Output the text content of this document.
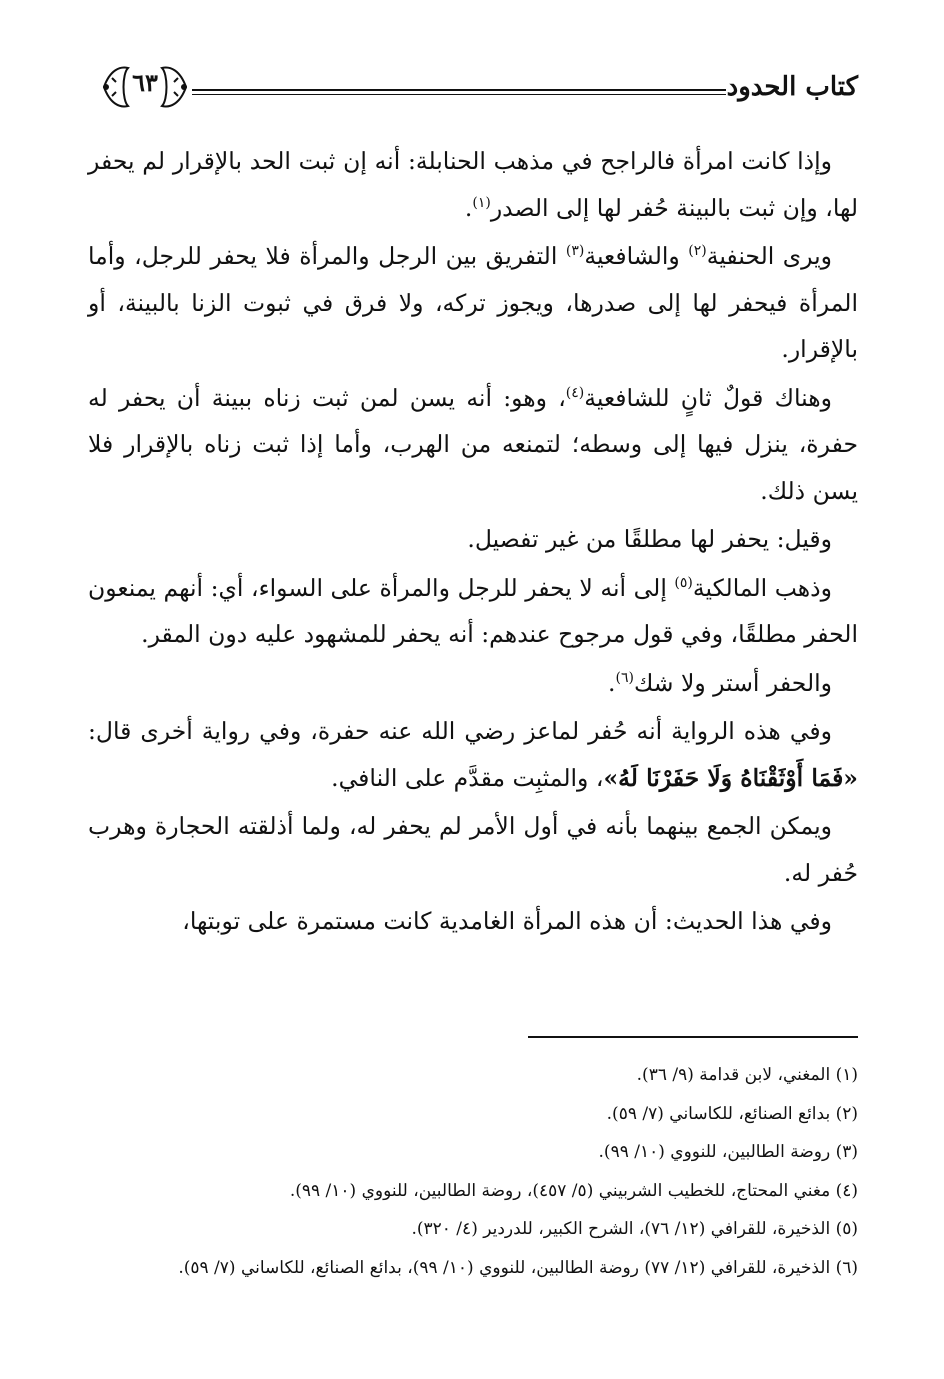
كتاب الحدود
٦٣

وإذا كانت امرأة فالراجح في مذهب الحنابلة: أنه إن ثبت الحد بالإقرار لم يحفر لها، وإن ثبت بالبينة حُفر لها إلى الصدر$^{(١)}$.

ويرى الحنفية$^{(٢)}$ والشافعية$^{(٣)}$ التفريق بين الرجل والمرأة فلا يحفر للرجل، وأما المرأة فيحفر لها إلى صدرها، ويجوز تركه، ولا فرق في ثبوت الزنا بالبينة، أو بالإقرار.

وهناك قولٌ ثانٍ للشافعية$^{(٤)}$، وهو: أنه يسن لمن ثبت زناه ببينة أن يحفر له حفرة، ينزل فيها إلى وسطه؛ لتمنعه من الهرب، وأما إذا ثبت زناه بالإقرار فلا يسن ذلك.

وقيل: يحفر لها مطلقًا من غير تفصيل.

وذهب المالكية$^{(٥)}$ إلى أنه لا يحفر للرجل والمرأة على السواء، أي: أنهم يمنعون الحفر مطلقًا، وفي قول مرجوح عندهم: أنه يحفر للمشهود عليه دون المقر.

والحفر أستر ولا شك$^{(٦)}$.

وفي هذه الرواية أنه حُفر لماعز رضي الله عنه حفرة، وفي رواية أخرى قال: «فَمَا أَوْثَقْنَاهُ وَلَا حَفَرْنَا لَهُ»، والمثبِت مقدَّم على النافي.

ويمكن الجمع بينهما بأنه في أول الأمر لم يحفر له، ولما أذلقته الحجارة وهرب حُفر له.

وفي هذا الحديث: أن هذه المرأة الغامدية كانت مستمرة على توبتها،

(١) المغني، لابن قدامة (٩/ ٣٦).

(٢) بدائع الصنائع، للكاساني (٧/ ٥٩).

(٣) روضة الطالبين، للنووي (١٠/ ٩٩).

(٤) مغني المحتاج، للخطيب الشربيني (٥/ ٤٥٧)، روضة الطالبين، للنووي (١٠/ ٩٩).

(٥) الذخيرة، للقرافي (١٢/ ٧٦)، الشرح الكبير، للدردير (٤/ ٣٢٠).

(٦) الذخيرة، للقرافي (١٢/ ٧٧) روضة الطالبين، للنووي (١٠/ ٩٩)، بدائع الصنائع، للكاساني (٧/ ٥٩).
